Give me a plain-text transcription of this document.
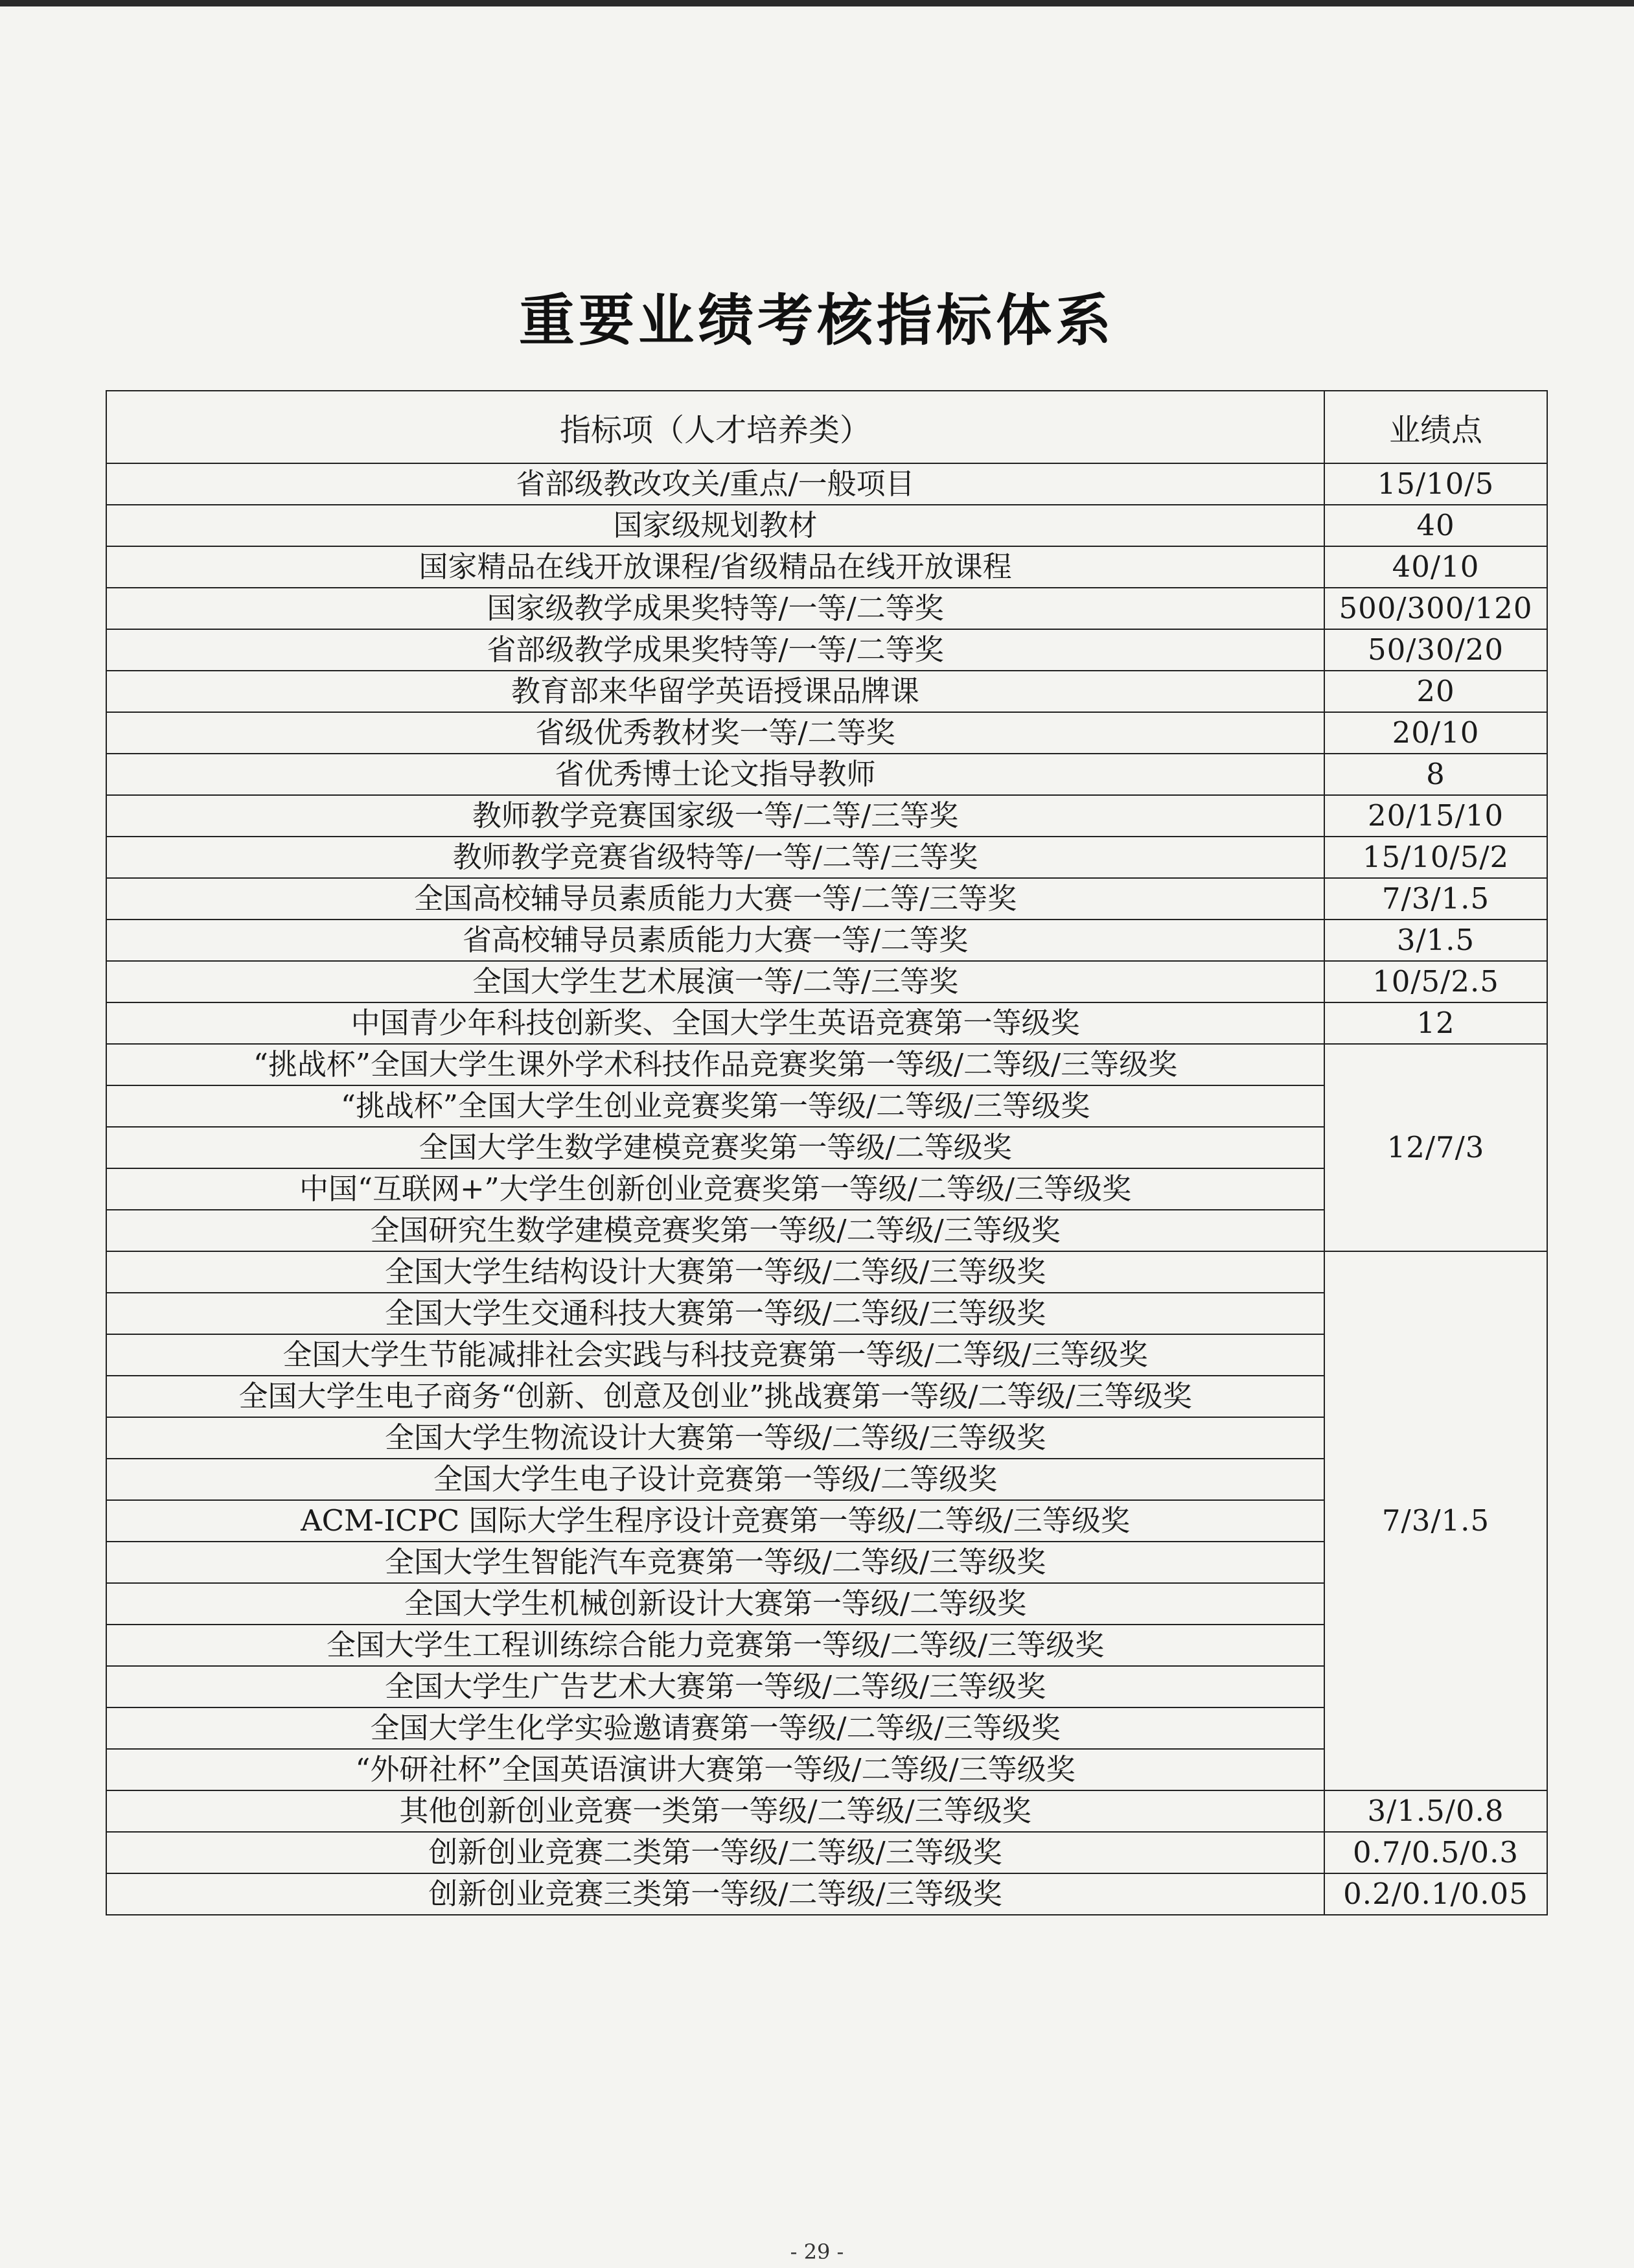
重要业绩考核指标体系
指标项（人才培养类）	业绩点
省部级教改攻关/重点/一般项目	15/10/5
国家级规划教材	40
国家精品在线开放课程/省级精品在线开放课程	40/10
国家级教学成果奖特等/一等/二等奖	500/300/120
省部级教学成果奖特等/一等/二等奖	50/30/20
教育部来华留学英语授课品牌课	20
省级优秀教材奖一等/二等奖	20/10
省优秀博士论文指导教师	8
教师教学竞赛国家级一等/二等/三等奖	20/15/10
教师教学竞赛省级特等/一等/二等/三等奖	15/10/5/2
全国高校辅导员素质能力大赛一等/二等/三等奖	7/3/1.5
省高校辅导员素质能力大赛一等/二等奖	3/1.5
全国大学生艺术展演一等/二等/三等奖	10/5/2.5
中国青少年科技创新奖、全国大学生英语竞赛第一等级奖	12
“挑战杯”全国大学生课外学术科技作品竞赛奖第一等级/二等级/三等级奖	12/7/3
“挑战杯”全国大学生创业竞赛奖第一等级/二等级/三等级奖	
全国大学生数学建模竞赛奖第一等级/二等级奖	
中国“互联网+”大学生创新创业竞赛奖第一等级/二等级/三等级奖	
全国研究生数学建模竞赛奖第一等级/二等级/三等级奖	
全国大学生结构设计大赛第一等级/二等级/三等级奖	7/3/1.5
全国大学生交通科技大赛第一等级/二等级/三等级奖	
全国大学生节能减排社会实践与科技竞赛第一等级/二等级/三等级奖	
全国大学生电子商务“创新、创意及创业”挑战赛第一等级/二等级/三等级奖	
全国大学生物流设计大赛第一等级/二等级/三等级奖	
全国大学生电子设计竞赛第一等级/二等级奖	
ACM-ICPC 国际大学生程序设计竞赛第一等级/二等级/三等级奖	
全国大学生智能汽车竞赛第一等级/二等级/三等级奖	
全国大学生机械创新设计大赛第一等级/二等级奖	
全国大学生工程训练综合能力竞赛第一等级/二等级/三等级奖	
全国大学生广告艺术大赛第一等级/二等级/三等级奖	
全国大学生化学实验邀请赛第一等级/二等级/三等级奖	
“外研社杯”全国英语演讲大赛第一等级/二等级/三等级奖	
其他创新创业竞赛一类第一等级/二等级/三等级奖	3/1.5/0.8
创新创业竞赛二类第一等级/二等级/三等级奖	0.7/0.5/0.3
创新创业竞赛三类第一等级/二等级/三等级奖	0.2/0.1/0.05
- 29 -
